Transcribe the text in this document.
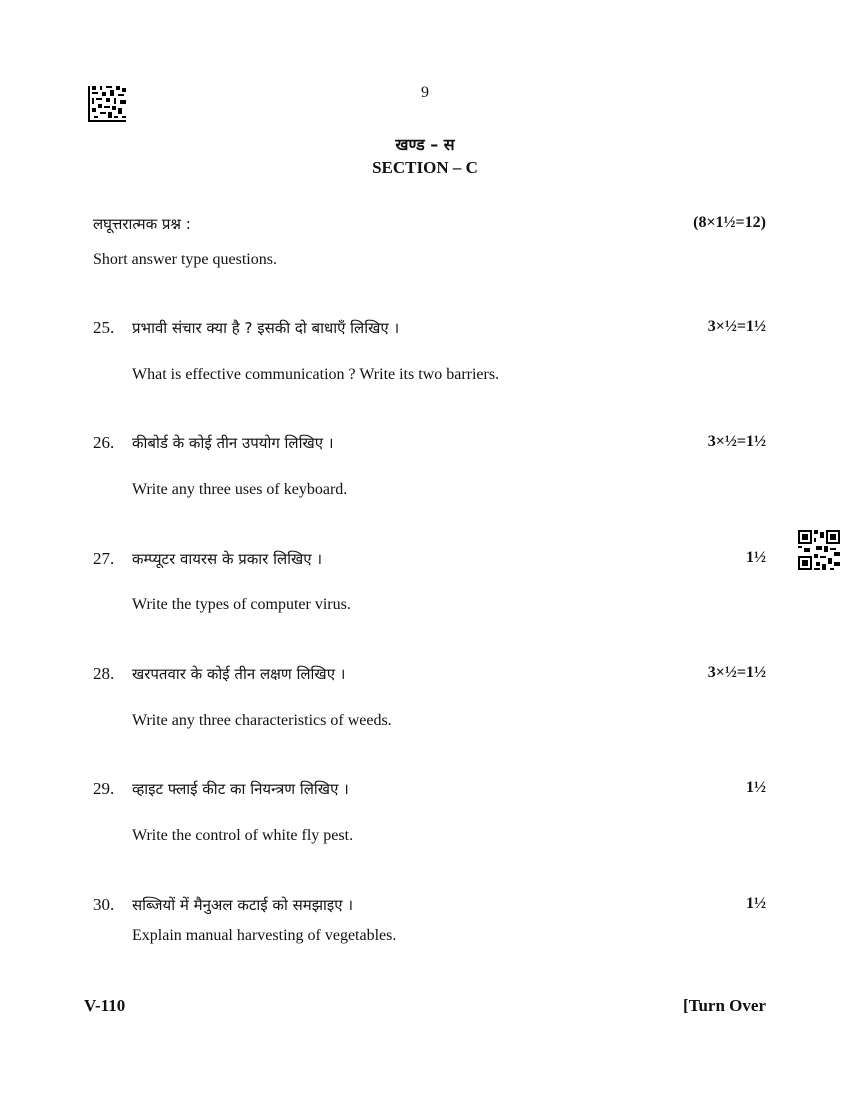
9
खण्ड – स
SECTION – C
लघूत्तरात्मक प्रश्न :	(8×1½=12)
Short answer type questions.
25. प्रभावी संचार क्या है ? इसकी दो बाधाएँ लिखिए ।	3×½=1½
What is effective communication ? Write its two barriers.
26. कीबोर्ड के कोई तीन उपयोग लिखिए ।	3×½=1½
Write any three uses of keyboard.
27. कम्प्यूटर वायरस के प्रकार लिखिए ।	1½
Write the types of computer virus.
28. खरपतवार के कोई तीन लक्षण लिखिए ।	3×½=1½
Write any three characteristics of weeds.
29. व्हाइट फ्लाई कीट का नियन्त्रण लिखिए ।	1½
Write the control of white fly pest.
30. सब्जियों में मैनुअल कटाई को समझाइए ।	1½
Explain manual harvesting of vegetables.
V-110	[Turn Over
